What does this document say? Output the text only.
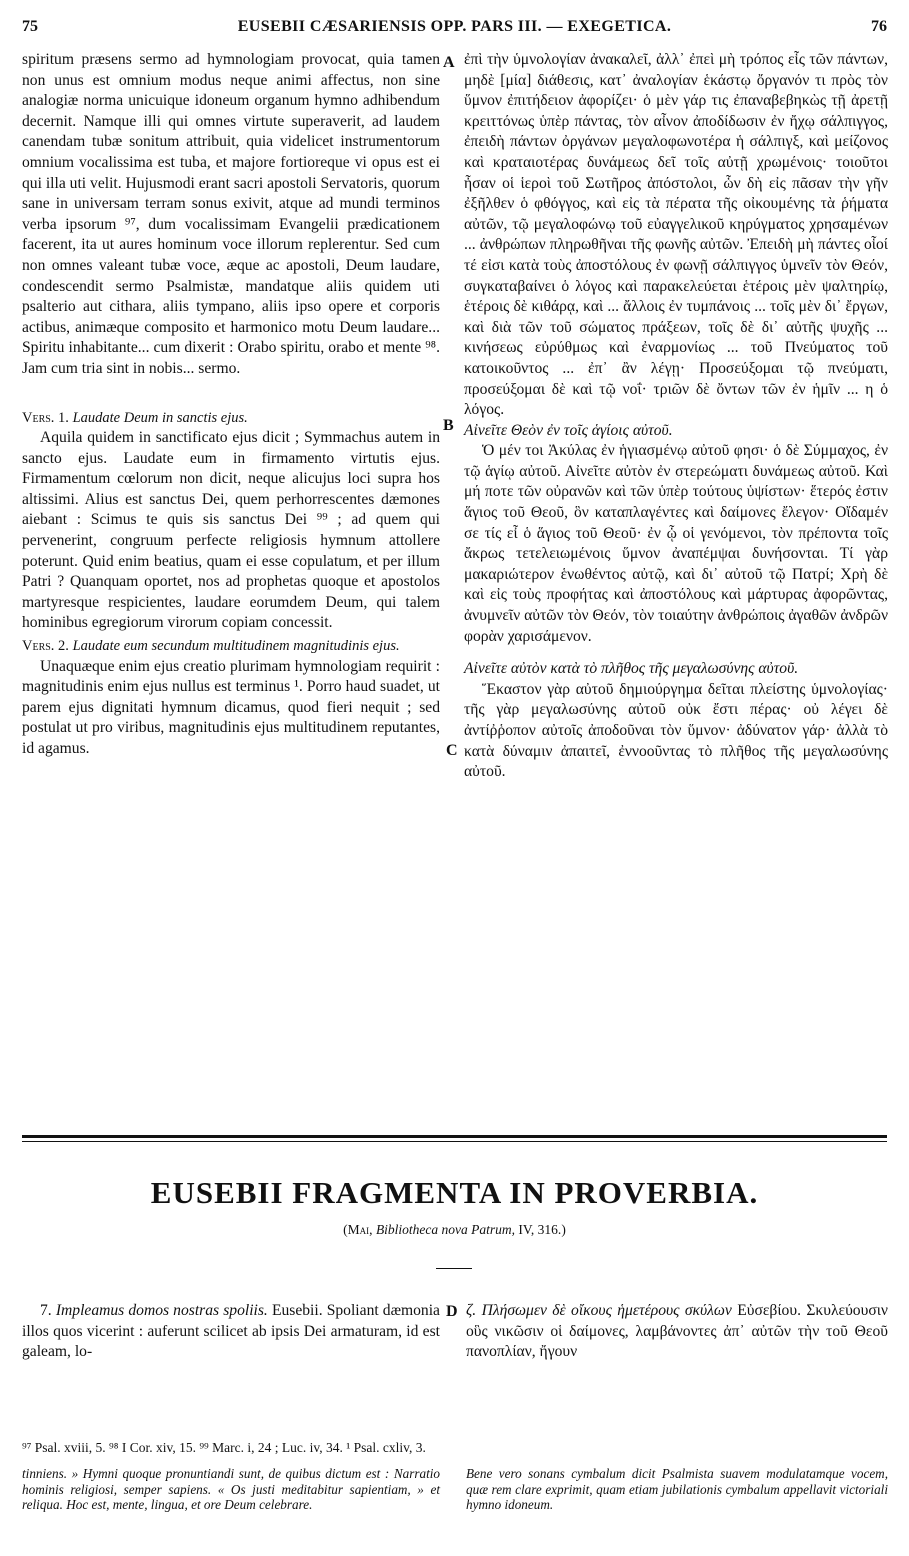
75	EUSEBII CÆSARIENSIS OPP. PARS III. — EXEGETICA.	76
A
B
C
D

spiritum præsens sermo ad hymnologiam provocat, quia tamen non unus est omnium modus neque animi affectus, non sine analogiæ norma unicuique idoneum organum hymno adhibendum decernit. Namque illi qui omnes virtute superaverit, ad laudem canendam tubæ sonitum attribuit, quia videlicet instrumentorum omnium vocalissima est tuba, et majore fortioreque vi opus est ei qui illa uti velit. Hujusmodi erant sacri apostoli Servatoris, quorum sane in universam terram sonus exivit, atque ad mundi terminos verba ipsorum ⁹⁷, dum vocalissimam Evangelii prædicationem facerent, ita ut aures hominum voce illorum replerentur. Sed cum non omnes valeant tubæ voce, æque ac apostoli, Deum laudare, condescendit sermo Psalmistæ, mandatque aliis quidem uti psalterio aut cithara, aliis tympano, aliis ipso opere et corporis actibus, animæque composito et harmonico motu Deum laudare... Spiritu inhabitante... cum dixerit : Orabo spiritu, orabo et mente ⁹⁸. Jam cum tria sint in nobis... sermo.

Vers. 1. Laudate Deum in sanctis ejus.

Aquila quidem in sanctificato ejus dicit ; Symmachus autem in sancto ejus. Laudate eum in firmamento virtutis ejus. Firmamentum cœlorum non dicit, neque alicujus loci supra hos altissimi. Alius est sanctus Dei, quem perhorrescentes dæmones aiebant : Scimus te quis sis sanctus Dei ⁹⁹ ; ad quem qui pervenerint, congruum perfecte religiosis hymnum attollere poterunt. Quid enim beatius, quam ei esse copulatum, et per illum Patri ? Quanquam oportet, nos ad prophetas quoque et apostolos martyresque respicientes, laudare eorumdem Deum, qui talem hominibus egregiorum virorum copiam concessit.

Vers. 2. Laudate eum secundum multitudinem magnitudinis ejus.

Unaquæque enim ejus creatio plurimam hymnologiam requirit : magnitudinis enim ejus nullus est terminus ¹. Porro haud suadet, ut parem ejus dignitati hymnum dicamus, quod fieri nequit ; sed postulat ut pro viribus, magnitudinis ejus multitudinem reputantes, id agamus.

ἐπὶ τὴν ὑμνολογίαν ἀνακαλεῖ, ἀλλ᾽ ἐπεὶ μὴ τρόπος εἷς τῶν πάντων, μηδὲ [μία] διάθεσις, κατ᾽ ἀναλογίαν ἑκάστῳ ὄργανόν τι πρὸς τὸν ὕμνον ἐπιτήδειον ἀφορίζει· ὁ μὲν γάρ τις ἐπαναβεβηκὼς τῇ ἀρετῇ κρειττόνως ὑπὲρ πάντας, τὸν αἶνον ἀποδίδωσιν ἐν ἤχῳ σάλπιγγος, ἐπειδὴ πάντων ὀργάνων μεγαλοφωνοτέρα ἡ σάλπιγξ, καὶ μείζονος καὶ κραταιοτέρας δυνάμεως δεῖ τοῖς αὐτῇ χρωμένοις· τοιοῦτοι ἦσαν οἱ ἱεροὶ τοῦ Σωτῆρος ἀπόστολοι, ὧν δὴ εἰς πᾶσαν τὴν γῆν ἐξῆλθεν ὁ φθόγγος, καὶ εἰς τὰ πέρατα τῆς οἰκουμένης τὰ ῥήματα αὐτῶν, τῷ μεγαλοφώνῳ τοῦ εὐαγγελικοῦ κηρύγματος χρησαμένων ... ἀνθρώπων πληρωθῆναι τῆς φωνῆς αὐτῶν. Ἐπειδὴ μὴ πάντες οἷοί τέ εἰσι κατὰ τοὺς ἀποστόλους ἐν φωνῇ σάλπιγγος ὑμνεῖν τὸν Θεόν, συγκαταβαίνει ὁ λόγος καὶ παρακελεύεται ἑτέροις μὲν ψαλτηρίῳ, ἑτέροις δὲ κιθάρᾳ, καὶ ... ἄλλοις ἐν τυμπάνοις ... τοῖς μὲν δι᾽ ἔργων, καὶ διὰ τῶν τοῦ σώματος πράξεων, τοῖς δὲ δι᾽ αὐτῆς ψυχῆς ... κινήσεως εὐρύθμως καὶ ἐναρμονίως ... τοῦ Πνεύματος τοῦ κατοικοῦντος ... ἐπ᾽ ἂν λέγῃ· Προσεύξομαι τῷ πνεύματι, προσεύξομαι δὲ καὶ τῷ νοΐ· τριῶν δὲ ὄντων τῶν ἐν ἡμῖν ... η ὁ λόγος.

Αἰνεῖτε Θεὸν ἐν τοῖς ἁγίοις αὐτοῦ.

Ὁ μέν τοι Ἀκύλας ἐν ἡγιασμένῳ αὐτοῦ φησι· ὁ δὲ Σύμμαχος, ἐν τῷ ἁγίῳ αὐτοῦ. Αἰνεῖτε αὐτὸν ἐν στερεώματι δυνάμεως αὐτοῦ. Καὶ μή ποτε τῶν οὐρανῶν καὶ τῶν ὑπὲρ τούτους ὑψίστων· ἕτερός ἐστιν ἅγιος τοῦ Θεοῦ, ὃν καταπλαγέντες καὶ δαίμονες ἔλεγον· Οἴδαμέν σε τίς εἶ ὁ ἅγιος τοῦ Θεοῦ· ἐν ᾧ οἱ γενόμενοι, τὸν πρέποντα τοῖς ἄκρως τετελειωμένοις ὕμνον ἀναπέμψαι δυνήσονται. Τί γὰρ μακαριώτερον ἑνωθέντος αὐτῷ, καὶ δι᾽ αὐτοῦ τῷ Πατρί; Χρὴ δὲ καὶ εἰς τοὺς προφήτας καὶ ἀποστόλους καὶ μάρτυρας ἀφορῶντας, ἀνυμνεῖν αὐτῶν τὸν Θεόν, τὸν τοιαύτην ἀνθρώποις ἀγαθῶν ἀνδρῶν φορὰν χαρισάμενον.

Αἰνεῖτε αὐτὸν κατὰ τὸ πλῆθος τῆς μεγαλωσύνης αὐτοῦ.

Ἕκαστον γὰρ αὐτοῦ δημιούργημα δεῖται πλείστης ὑμνολογίας· τῆς γὰρ μεγαλωσύνης αὐτοῦ οὐκ ἔστι πέρας· οὐ λέγει δὲ ἀντίῤῥοπον αὐτοῖς ἀποδοῦναι τὸν ὕμνον· ἀδύνατον γάρ· ἀλλὰ τὸ κατὰ δύναμιν ἀπαιτεῖ, ἐννοοῦντας τὸ πλῆθος τῆς μεγαλωσύνης αὐτοῦ.

EUSEBII FRAGMENTA IN PROVERBIA.
(Mai, Bibliotheca nova Patrum, IV, 316.)

7. Impleamus domos nostras spoliis. Eusebii. Spoliant dæmonia illos quos vicerint : auferunt scilicet ab ipsis Dei armaturam, id est galeam, lo-

ζ. Πλήσωμεν δὲ οἴκους ἡμετέρους σκύλων Εὐσεβίου. Σκυλεύουσιν οὓς νικῶσιν οἱ δαίμονες, λαμβάνοντες ἀπ᾽ αὐτῶν τὴν τοῦ Θεοῦ πανοπλίαν, ἤγουν

⁹⁷ Psal. xviii, 5. ⁹⁸ I Cor. xiv, 15. ⁹⁹ Marc. i, 24 ; Luc. iv, 34. ¹ Psal. cxliv, 3.

tinniens. » Hymni quoque pronuntiandi sunt, de quibus dictum est : Narratio hominis religiosi, semper sapiens. « Os justi meditabitur sapientiam, » et reliqua. Hoc est, mente, lingua, et ore Deum celebrare.

Bene vero sonans cymbalum dicit Psalmista suavem modulatamque vocem, quæ rem clare exprimit, quam etiam jubilationis cymbalum appellavit victoriali hymno idoneum.
